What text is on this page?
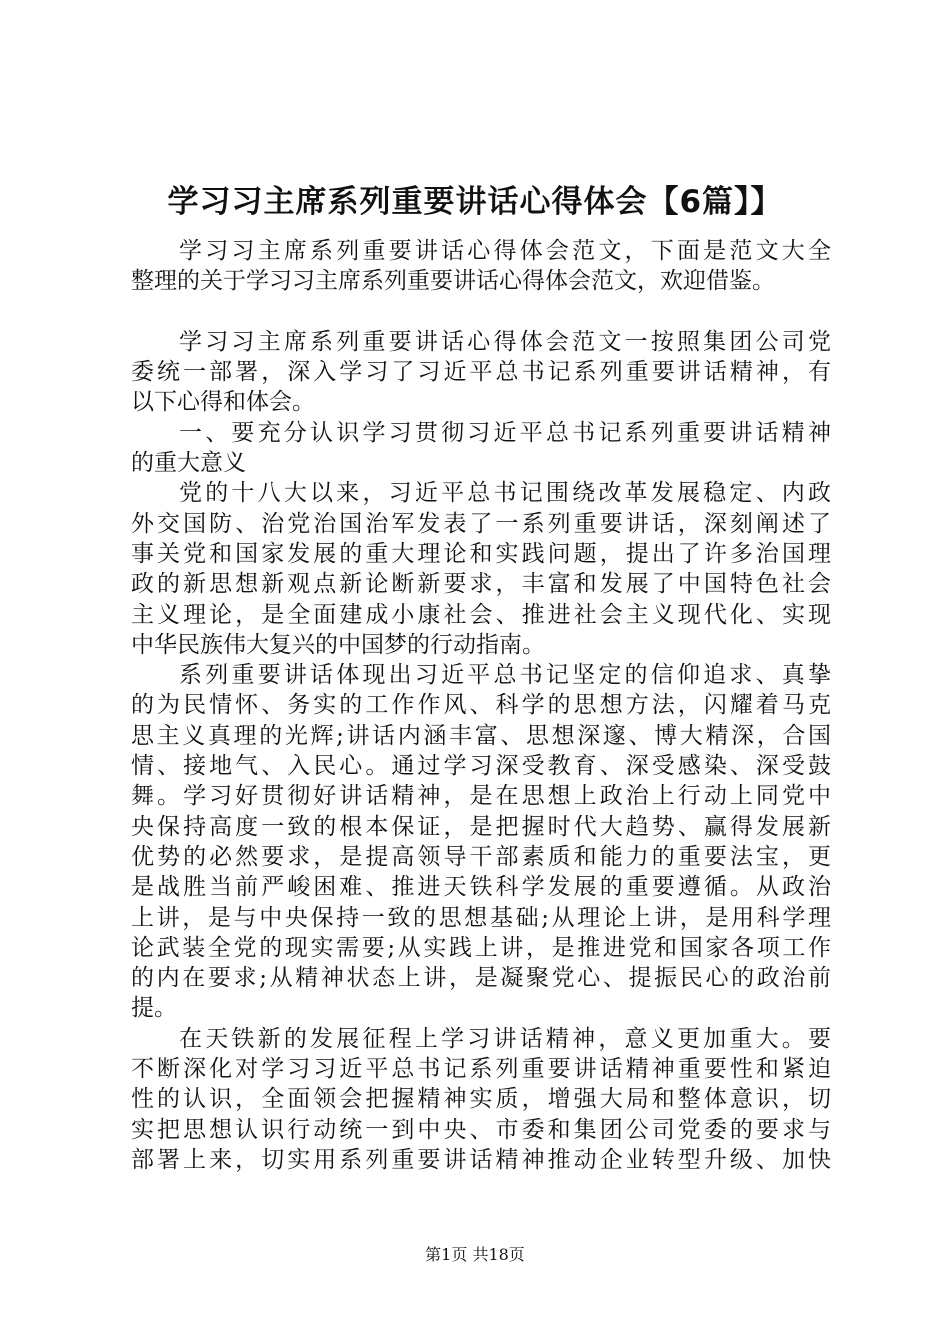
学习习主席系列重要讲话心得体会【6篇】】
学习习主席系列重要讲话心得体会范文，下面是范文大全
整理的关于学习习主席系列重要讲话心得体会范文，欢迎借鉴。
学习习主席系列重要讲话心得体会范文一按照集团公司党
委统一部署，深入学习了习近平总书记系列重要讲话精神，有
以下心得和体会。
一、要充分认识学习贯彻习近平总书记系列重要讲话精神
的重大意义
党的十八大以来，习近平总书记围绕改革发展稳定、内政
外交国防、治党治国治军发表了一系列重要讲话，深刻阐述了
事关党和国家发展的重大理论和实践问题，提出了许多治国理
政的新思想新观点新论断新要求，丰富和发展了中国特色社会
主义理论，是全面建成小康社会、推进社会主义现代化、实现
中华民族伟大复兴的中国梦的行动指南。
系列重要讲话体现出习近平总书记坚定的信仰追求、真挚
的为民情怀、务实的工作作风、科学的思想方法，闪耀着马克
思主义真理的光辉;讲话内涵丰富、思想深邃、博大精深，合国
情、接地气、入民心。通过学习深受教育、深受感染、深受鼓
舞。学习好贯彻好讲话精神，是在思想上政治上行动上同党中
央保持高度一致的根本保证，是把握时代大趋势、赢得发展新
优势的必然要求，是提高领导干部素质和能力的重要法宝，更
是战胜当前严峻困难、推进天铁科学发展的重要遵循。从政治
上讲，是与中央保持一致的思想基础;从理论上讲，是用科学理
论武装全党的现实需要;从实践上讲，是推进党和国家各项工作
的内在要求;从精神状态上讲，是凝聚党心、提振民心的政治前
提。
在天铁新的发展征程上学习讲话精神，意义更加重大。要
不断深化对学习习近平总书记系列重要讲话精神重要性和紧迫
性的认识，全面领会把握精神实质，增强大局和整体意识，切
实把思想认识行动统一到中央、市委和集团公司党委的要求与
部署上来，切实用系列重要讲话精神推动企业转型升级、加快
第1页 共18页
